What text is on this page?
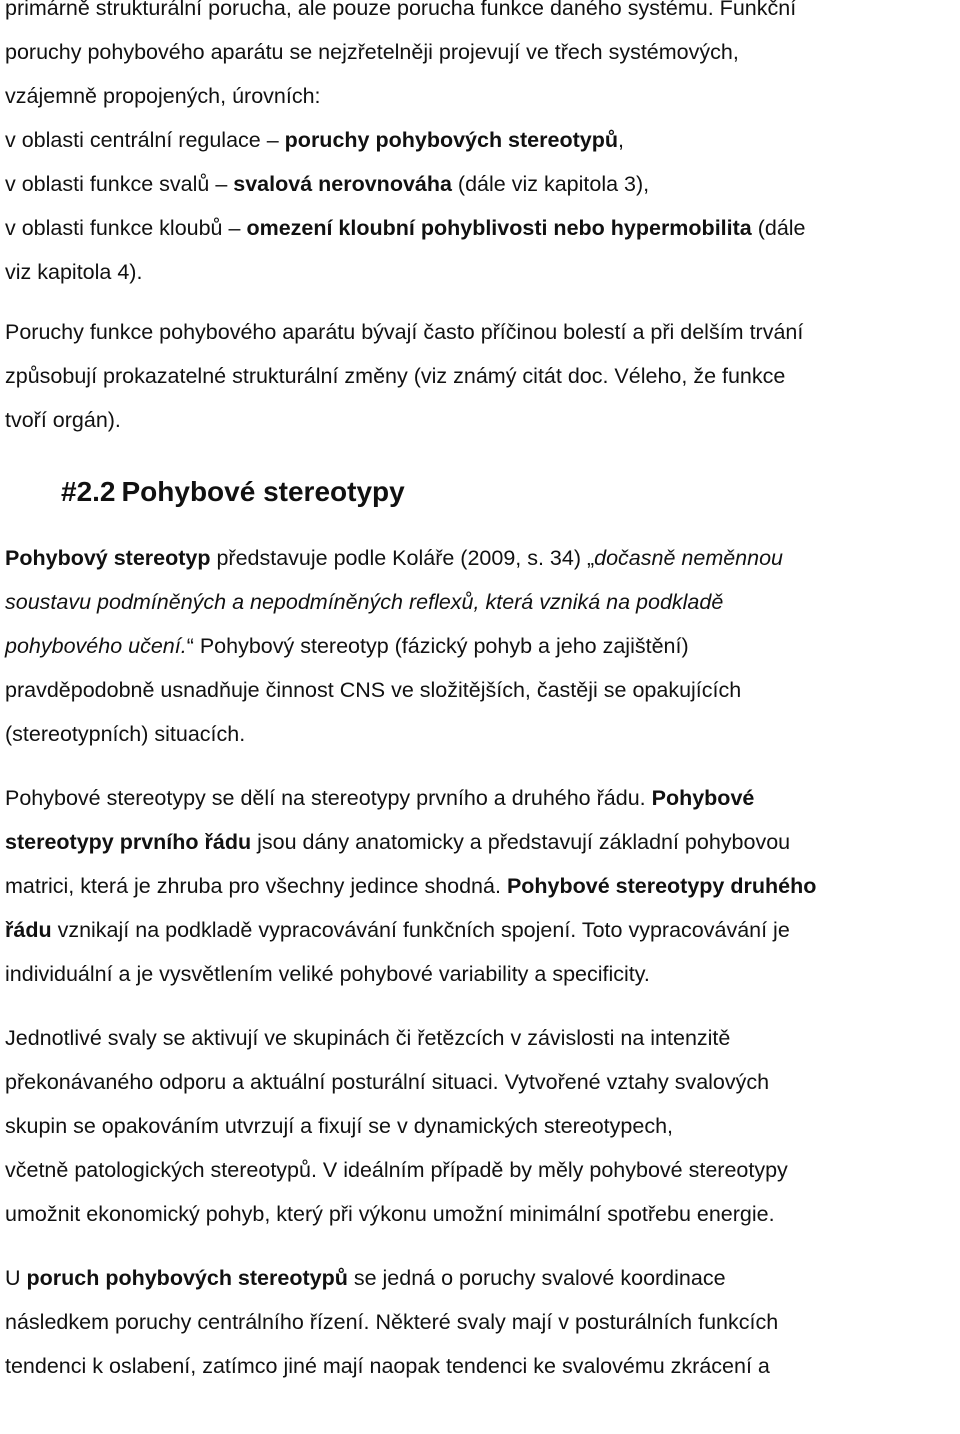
primárně strukturální porucha, ale pouze porucha funkce daného systému. Funkční

poruchy pohybového aparátu se nejzřetelněji projevují ve třech systémových,

vzájemně propojených, úrovních:

v oblasti centrální regulace – poruchy pohybových stereotypů,

v oblasti funkce svalů – svalová nerovnováha (dále viz kapitola 3),

v oblasti funkce kloubů – omezení kloubní pohyblivosti nebo hypermobilita (dále

viz kapitola 4).

Poruchy funkce pohybového aparátu bývají často příčinou bolestí a při delším trvání

způsobují prokazatelné strukturální změny (viz známý citát doc. Véleho, že funkce

tvoří orgán).

#2.2 Pohybové stereotypy

Pohybový stereotyp představuje podle Koláře (2009, s. 34) „dočasně neměnnou

soustavu podmíněných a nepodmíněných reflexů, která vzniká na podkladě

pohybového učení.“ Pohybový stereotyp (fázický pohyb a jeho zajištění)

pravděpodobně usnadňuje činnost CNS ve složitějších, častěji se opakujících

(stereotypních) situacích.

Pohybové stereotypy se dělí na stereotypy prvního a druhého řádu. Pohybové

stereotypy prvního řádu jsou dány anatomicky a představují základní pohybovou

matrici, která je zhruba pro všechny jedince shodná. Pohybové stereotypy druhého

řádu vznikají na podkladě vypracovávání funkčních spojení. Toto vypracovávání je

individuální a je vysvětlením veliké pohybové variability a specificity.

Jednotlivé svaly se aktivují ve skupinách či řetězcích v závislosti na intenzitě

překonávaného odporu a aktuální posturální situaci. Vytvořené vztahy svalových

skupin se opakováním utvrzují a fixují se v dynamických stereotypech,

včetně patologických stereotypů. V ideálním případě by měly pohybové stereotypy

umožnit ekonomický pohyb, který při výkonu umožní minimální spotřebu energie.

U poruch pohybových stereotypů se jedná o poruchy svalové koordinace

následkem poruchy centrálního řízení. Některé svaly mají v posturálních funkcích

tendenci k oslabení, zatímco jiné mají naopak tendenci ke svalovému zkrácení a
